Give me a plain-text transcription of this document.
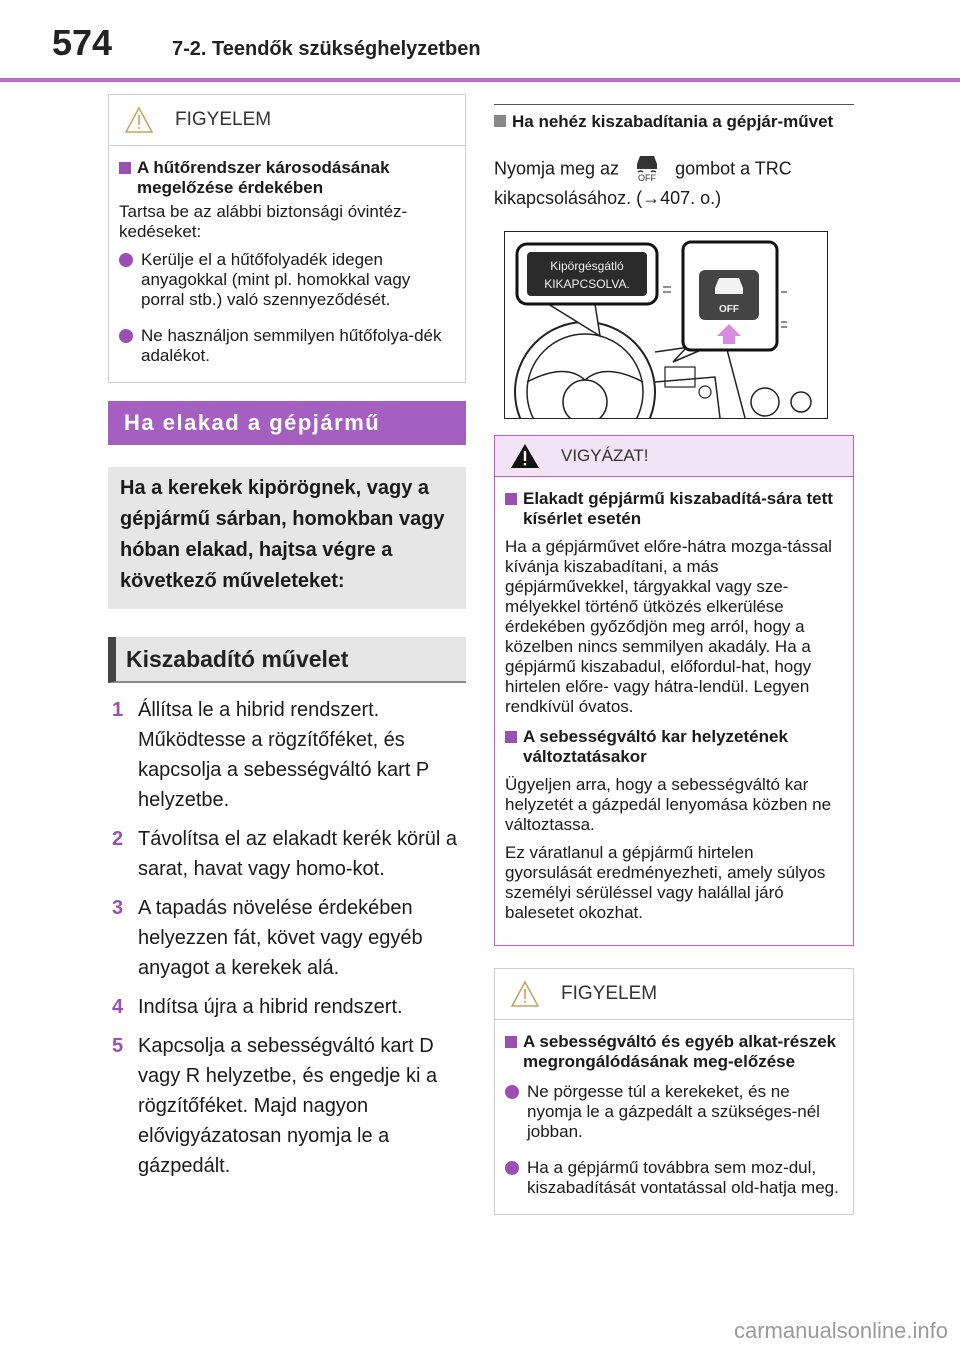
574	7-2. Teendők szükséghelyzetben
FIGYELEM
A hűtőrendszer károsodásának megelőzése érdekében
Tartsa be az alábbi biztonsági óvintéz-kedéseket:
Kerülje el a hűtőfolyadék idegen anyagokkal (mint pl. homokkal vagy porral stb.) való szennyeződését.
Ne használjon semmilyen hűtőfolya-dék adalékot.
Ha elakad a gépjármű
Ha a kerekek kipörögnek, vagy a gépjármű sárban, homokban vagy hóban elakad, hajtsa végre a következő műveleteket:
Kiszabadító művelet
1 Állítsa le a hibrid rendszert. Működtesse a rögzítőféket, és kapcsolja a sebességváltó kart P helyzetbe.
2 Távolítsa el az elakadt kerék körül a sarat, havat vagy homo-kot.
3 A tapadás növelése érdekében helyezzen fát, követ vagy egyéb anyagot a kerekek alá.
4 Indítsa újra a hibrid rendszert.
5 Kapcsolja a sebességváltó kart D vagy R helyzetbe, és engedje ki a rögzítőféket. Majd nagyon elővigyázatosan nyomja le a gázpedált.
Ha nehéz kiszabadítania a gépjár-művet
Nyomja meg az OFF gombot a TRC kikapcsolásához. (→407. o.)
Kipörgésgátló
KIKAPCSOLVA.
OFF
VIGYÁZAT!
Elakadt gépjármű kiszabadítá-sára tett kísérlet esetén
Ha a gépjárművet előre-hátra mozga-tással kívánja kiszabadítani, a más gépjárművekkel, tárgyakkal vagy sze-mélyekkel történő ütközés elkerülése érdekében győződjön meg arról, hogy a közelben nincs semmilyen akadály. Ha a gépjármű kiszabadul, előfordul-hat, hogy hirtelen előre- vagy hátra-lendül. Legyen rendkívül óvatos.
A sebességváltó kar helyzetének változtatásakor
Ügyeljen arra, hogy a sebességváltó kar helyzetét a gázpedál lenyomása közben ne változtassa.
Ez váratlanul a gépjármű hirtelen gyorsulását eredményezheti, amely súlyos személyi sérüléssel vagy halállal járó balesetet okozhat.
FIGYELEM
A sebességváltó és egyéb alkat-részek megrongálódásának meg-előzése
Ne pörgesse túl a kerekeket, és ne nyomja le a gázpedált a szükséges-nél jobban.
Ha a gépjármű továbbra sem moz-dul, kiszabadítását vontatással old-hatja meg.
carmanualsonline.info
